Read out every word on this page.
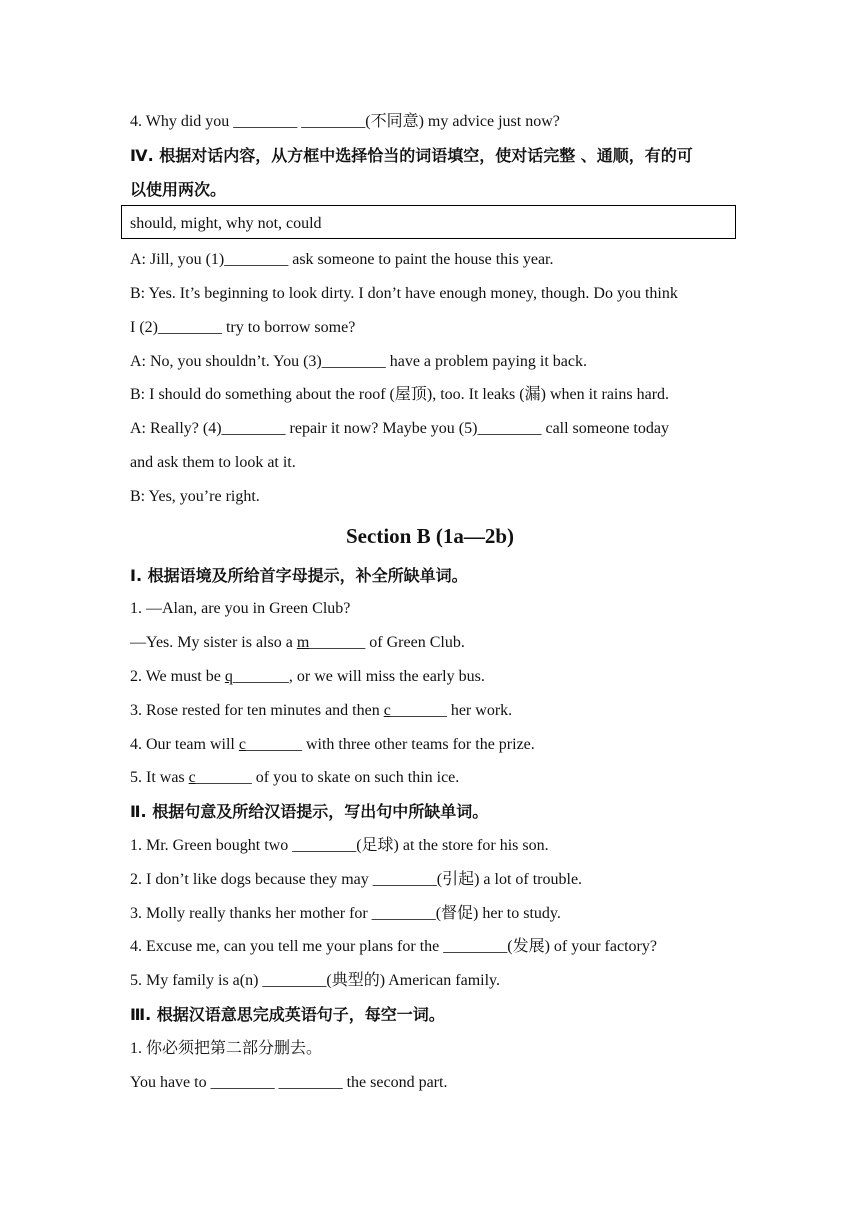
4. Why did you ________ ________(不同意) my advice just now?
Ⅳ. 根据对话内容，从方框中选择恰当的词语填空，使对话完整 、通顺，有的可
以使用两次。
should, might, why not, could
A: Jill, you (1)________ ask someone to paint the house this year.
B: Yes. It’s beginning to look dirty. I don’t have enough money, though. Do you think
I (2)________ try to borrow some?
A: No, you shouldn’t. You (3)________ have a problem paying it back.
B: I should do something about the roof (屋顶), too. It leaks (漏) when it rains hard.
A: Really? (4)________ repair it now? Maybe you (5)________ call someone today
and ask them to look at it.
B: Yes, you’re right.
Section B (1a—2b)
Ⅰ. 根据语境及所给首字母提示，补全所缺单词。
1. —Alan, are you in Green Club?
—Yes. My sister is also a m_______ of Green Club.
2. We must be q_______, or we will miss the early bus.
3. Rose rested for ten minutes and then c_______ her work.
4. Our team will c_______ with three other teams for the prize.
5. It was c_______ of you to skate on such thin ice.
Ⅱ. 根据句意及所给汉语提示，写出句中所缺单词。
1. Mr. Green bought two ________(足球) at the store for his son.
2. I don’t like dogs because they may ________(引起) a lot of trouble.
3. Molly really thanks her mother for ________(督促) her to study.
4. Excuse me, can you tell me your plans for the ________(发展) of your factory?
5. My family is a(n) ________(典型的) American family.
Ⅲ. 根据汉语意思完成英语句子，每空一词。
1. 你必须把第二部分删去。
You have to ________ ________ the second part.
